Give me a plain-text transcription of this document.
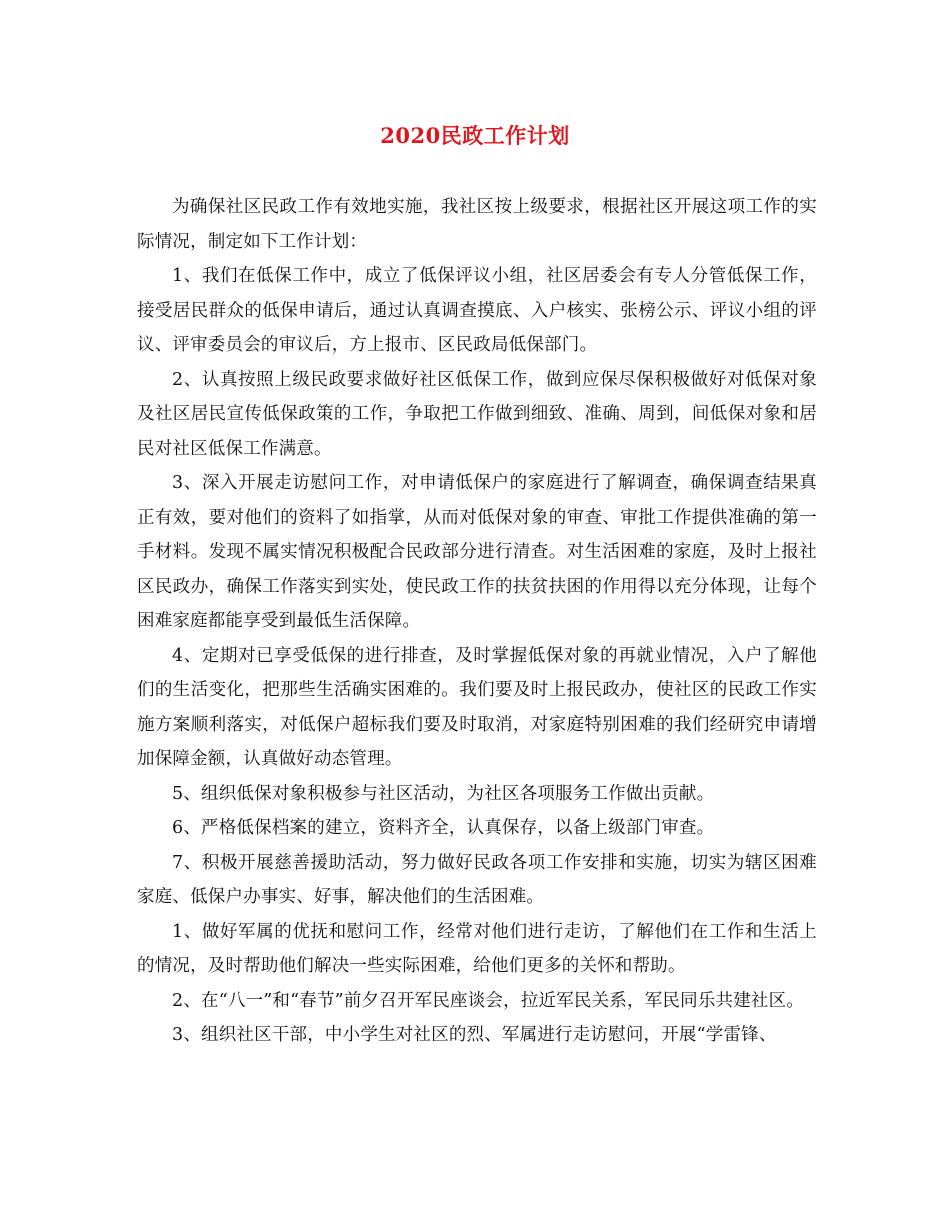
2020民政工作计划

为确保社区民政工作有效地实施，我社区按上级要求，根据社区开展这项工作的实际情况，制定如下工作计划：

1、我们在低保工作中，成立了低保评议小组，社区居委会有专人分管低保工作，接受居民群众的低保申请后，通过认真调查摸底、入户核实、张榜公示、评议小组的评议、评审委员会的审议后，方上报市、区民政局低保部门。

2、认真按照上级民政要求做好社区低保工作，做到应保尽保积极做好对低保对象及社区居民宣传低保政策的工作，争取把工作做到细致、准确、周到，间低保对象和居民对社区低保工作满意。

3、深入开展走访慰问工作，对申请低保户的家庭进行了解调查，确保调查结果真正有效，要对他们的资料了如指掌，从而对低保对象的审查、审批工作提供准确的第一手材料。发现不属实情况积极配合民政部分进行清查。对生活困难的家庭，及时上报社区民政办，确保工作落实到实处，使民政工作的扶贫扶困的作用得以充分体现，让每个困难家庭都能享受到最低生活保障。

4、定期对已享受低保的进行排查，及时掌握低保对象的再就业情况，入户了解他们的生活变化，把那些生活确实困难的。我们要及时上报民政办，使社区的民政工作实施方案顺利落实，对低保户超标我们要及时取消，对家庭特别困难的我们经研究申请增加保障金额，认真做好动态管理。

5、组织低保对象积极参与社区活动，为社区各项服务工作做出贡献。

6、严格低保档案的建立，资料齐全，认真保存，以备上级部门审查。

7、积极开展慈善援助活动，努力做好民政各项工作安排和实施，切实为辖区困难家庭、低保户办事实、好事，解决他们的生活困难。

1、做好军属的优抚和慰问工作，经常对他们进行走访，了解他们在工作和生活上的情况，及时帮助他们解决一些实际困难，给他们更多的关怀和帮助。

2、在“八一”和“春节”前夕召开军民座谈会，拉近军民关系，军民同乐共建社区。

3、组织社区干部，中小学生对社区的烈、军属进行走访慰问，开展“学雷锋、
